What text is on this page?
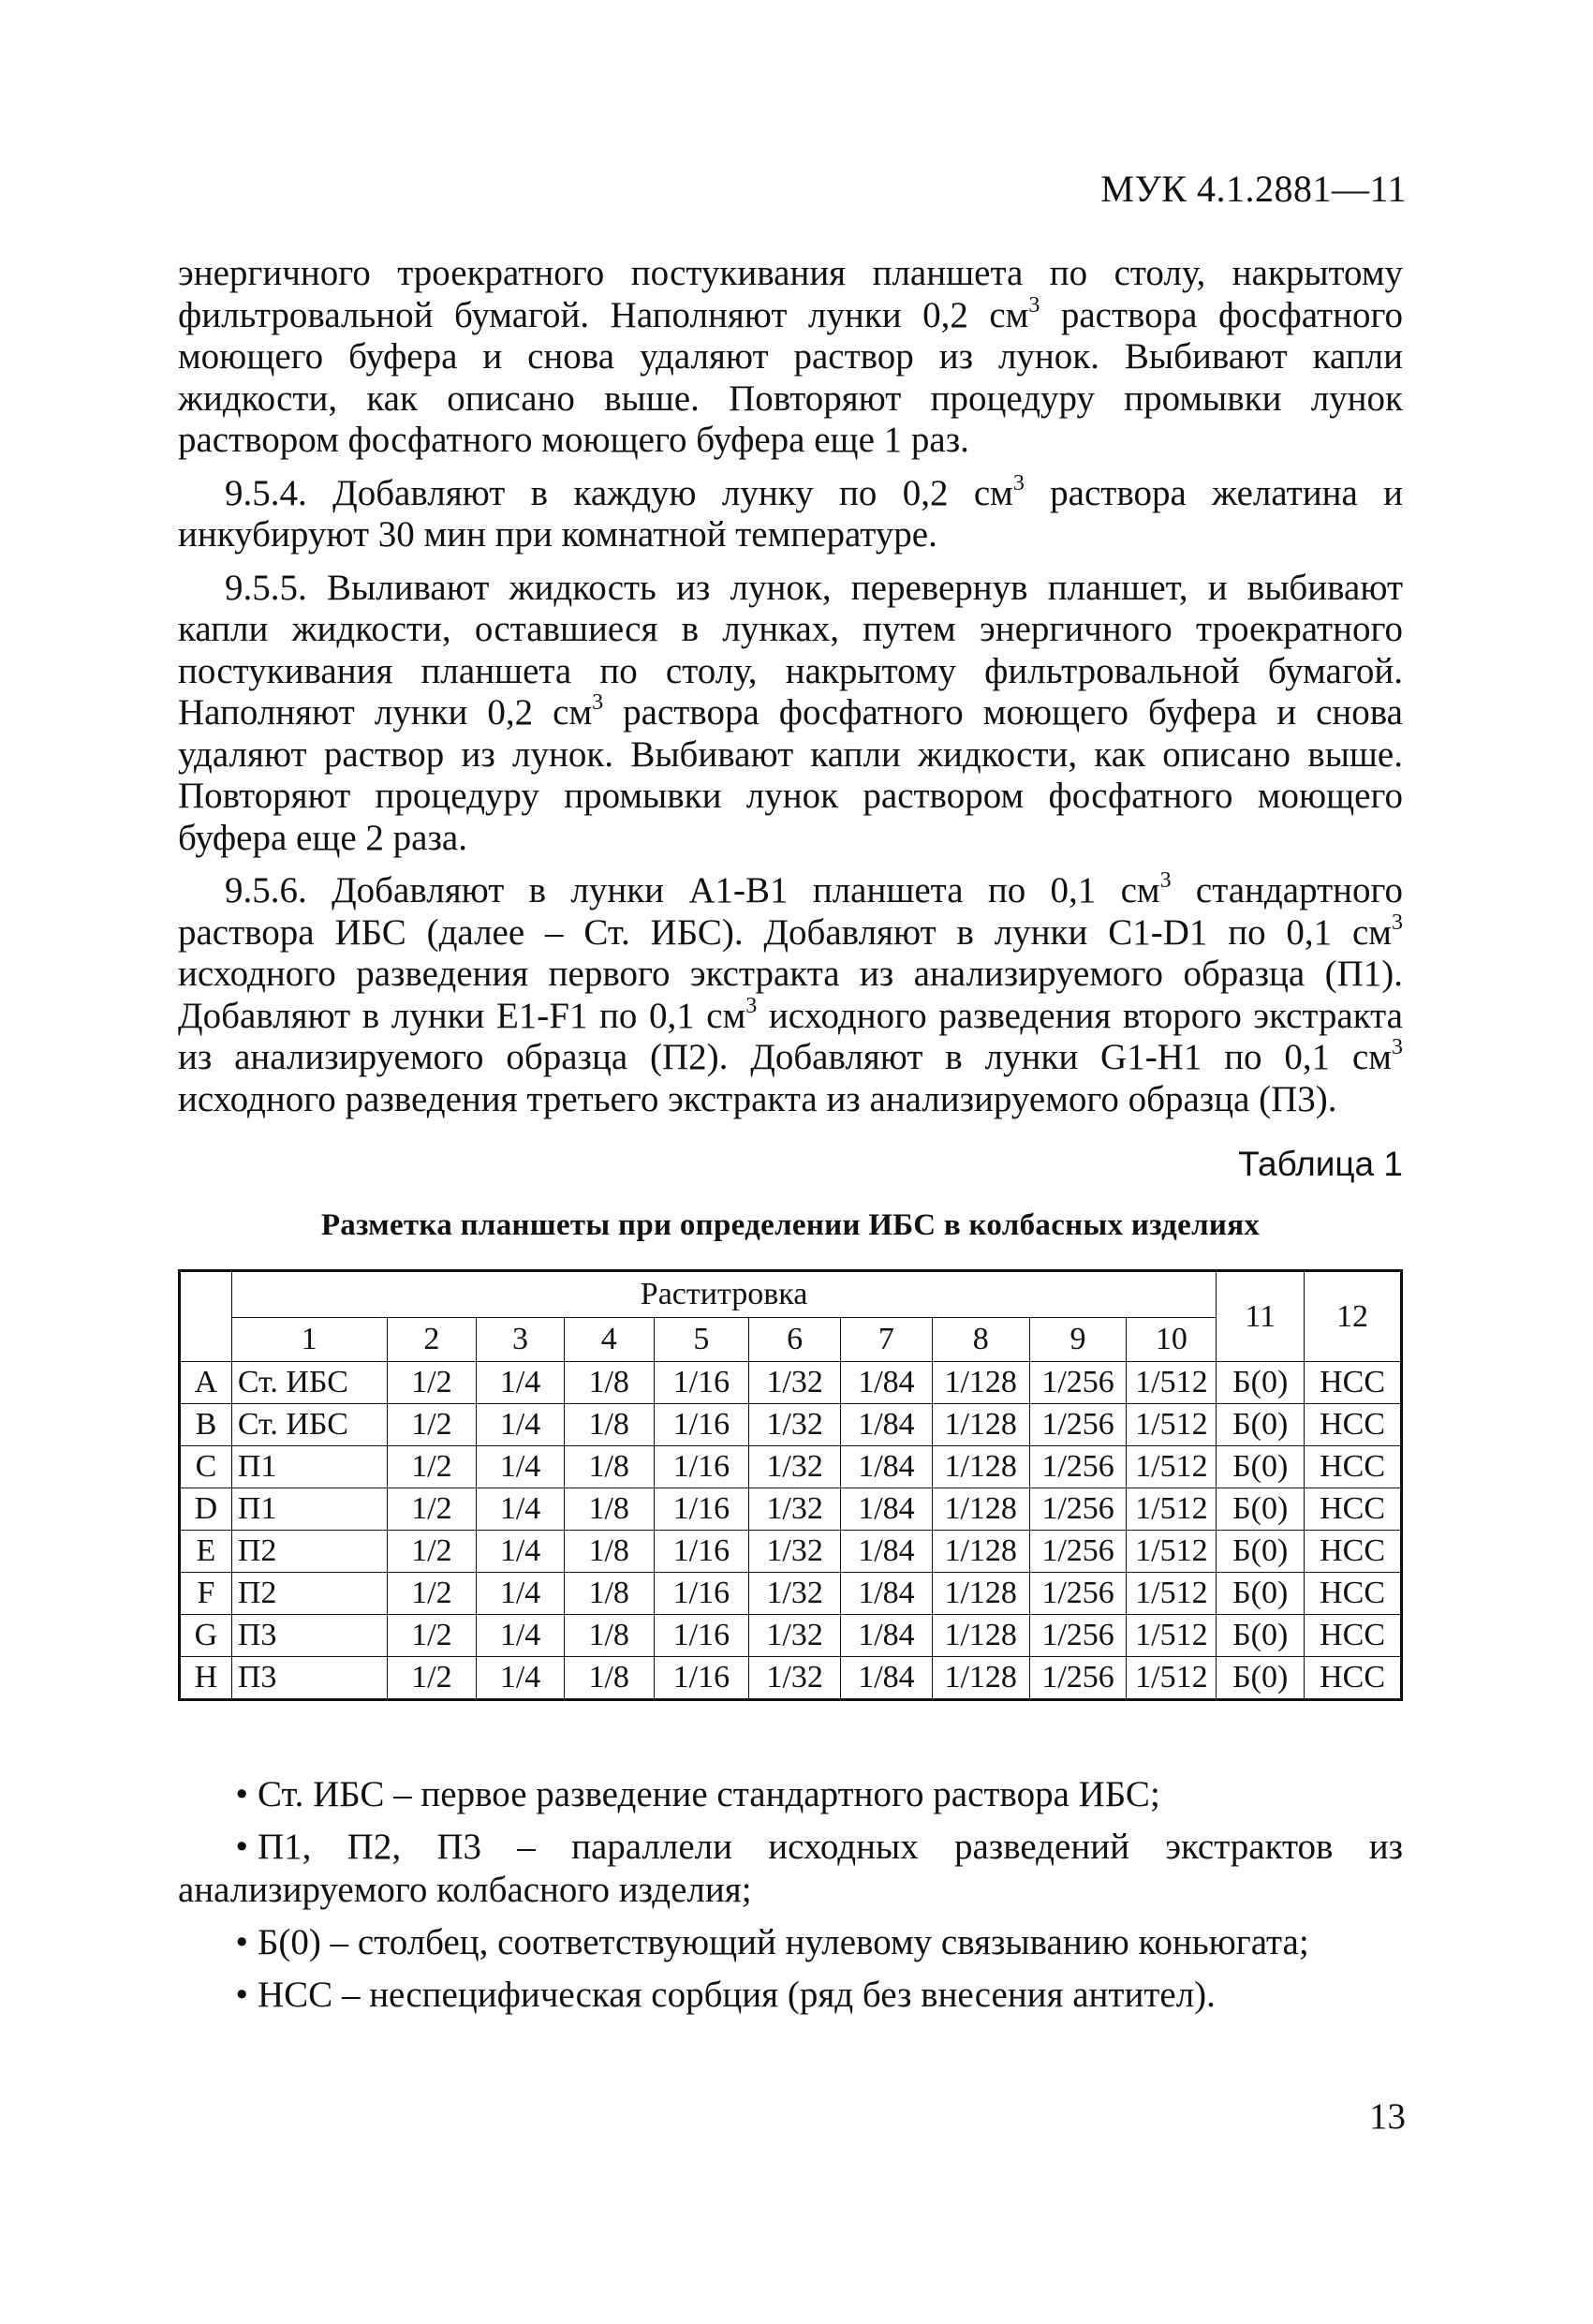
МУК 4.1.2881—11

энергичного троекратного постукивания планшета по столу, накрытому фильтровальной бумагой. Наполняют лунки 0,2 $см^3$ раствора фосфатного моющего буфера и снова удаляют раствор из лунок. Выбивают капли жидкости, как описано выше. Повторяют процедуру промывки лунок раствором фосфатного моющего буфера еще 1 раз.

9.5.4. Добавляют в каждую лунку по 0,2 $см^3$ раствора желатина и инкубируют 30 мин при комнатной температуре.

9.5.5. Выливают жидкость из лунок, перевернув планшет, и выбивают капли жидкости, оставшиеся в лунках, путем энергичного троекратного постукивания планшета по столу, накрытому фильтровальной бумагой. Наполняют лунки 0,2 $см^3$ раствора фосфатного моющего буфера и снова удаляют раствор из лунок. Выбивают капли жидкости, как описано выше. Повторяют процедуру промывки лунок раствором фосфатного моющего буфера еще 2 раза.

9.5.6. Добавляют в лунки А1-В1 планшета по 0,1 $см^3$ стандартного раствора ИБС (далее – Ст. ИБС). Добавляют в лунки С1-D1 по 0,1 $см^3$ исходного разведения первого экстракта из анализируемого образца (П1). Добавляют в лунки Е1-F1 по 0,1 $см^3$ исходного разведения второго экстракта из анализируемого образца (П2). Добавляют в лунки G1-H1 по 0,1 $см^3$ исходного разведения третьего экстракта из анализируемого образца (П3).

Таблица 1
Разметка планшеты при определении ИБС в колбасных изделиях
	Раститровка										11	12
	1	2	3	4	5	6	7	8	9	10		
A	Ст. ИБС	1/2	1/4	1/8	1/16	1/32	1/84	1/128	1/256	1/512	Б(0)	НСС
B	Ст. ИБС	1/2	1/4	1/8	1/16	1/32	1/84	1/128	1/256	1/512	Б(0)	НСС
C	П1	1/2	1/4	1/8	1/16	1/32	1/84	1/128	1/256	1/512	Б(0)	НСС
D	П1	1/2	1/4	1/8	1/16	1/32	1/84	1/128	1/256	1/512	Б(0)	НСС
E	П2	1/2	1/4	1/8	1/16	1/32	1/84	1/128	1/256	1/512	Б(0)	НСС
F	П2	1/2	1/4	1/8	1/16	1/32	1/84	1/128	1/256	1/512	Б(0)	НСС
G	П3	1/2	1/4	1/8	1/16	1/32	1/84	1/128	1/256	1/512	Б(0)	НСС
H	П3	1/2	1/4	1/8	1/16	1/32	1/84	1/128	1/256	1/512	Б(0)	НСС

• Ст. ИБС – первое разведение стандартного раствора ИБС;

• П1, П2, П3 – параллели исходных разведений экстрактов из анализируемого колбасного изделия;

• Б(0) – столбец, соответствующий нулевому связыванию коньюгата;

• НСС – неспецифическая сорбция (ряд без внесения антител).

13
